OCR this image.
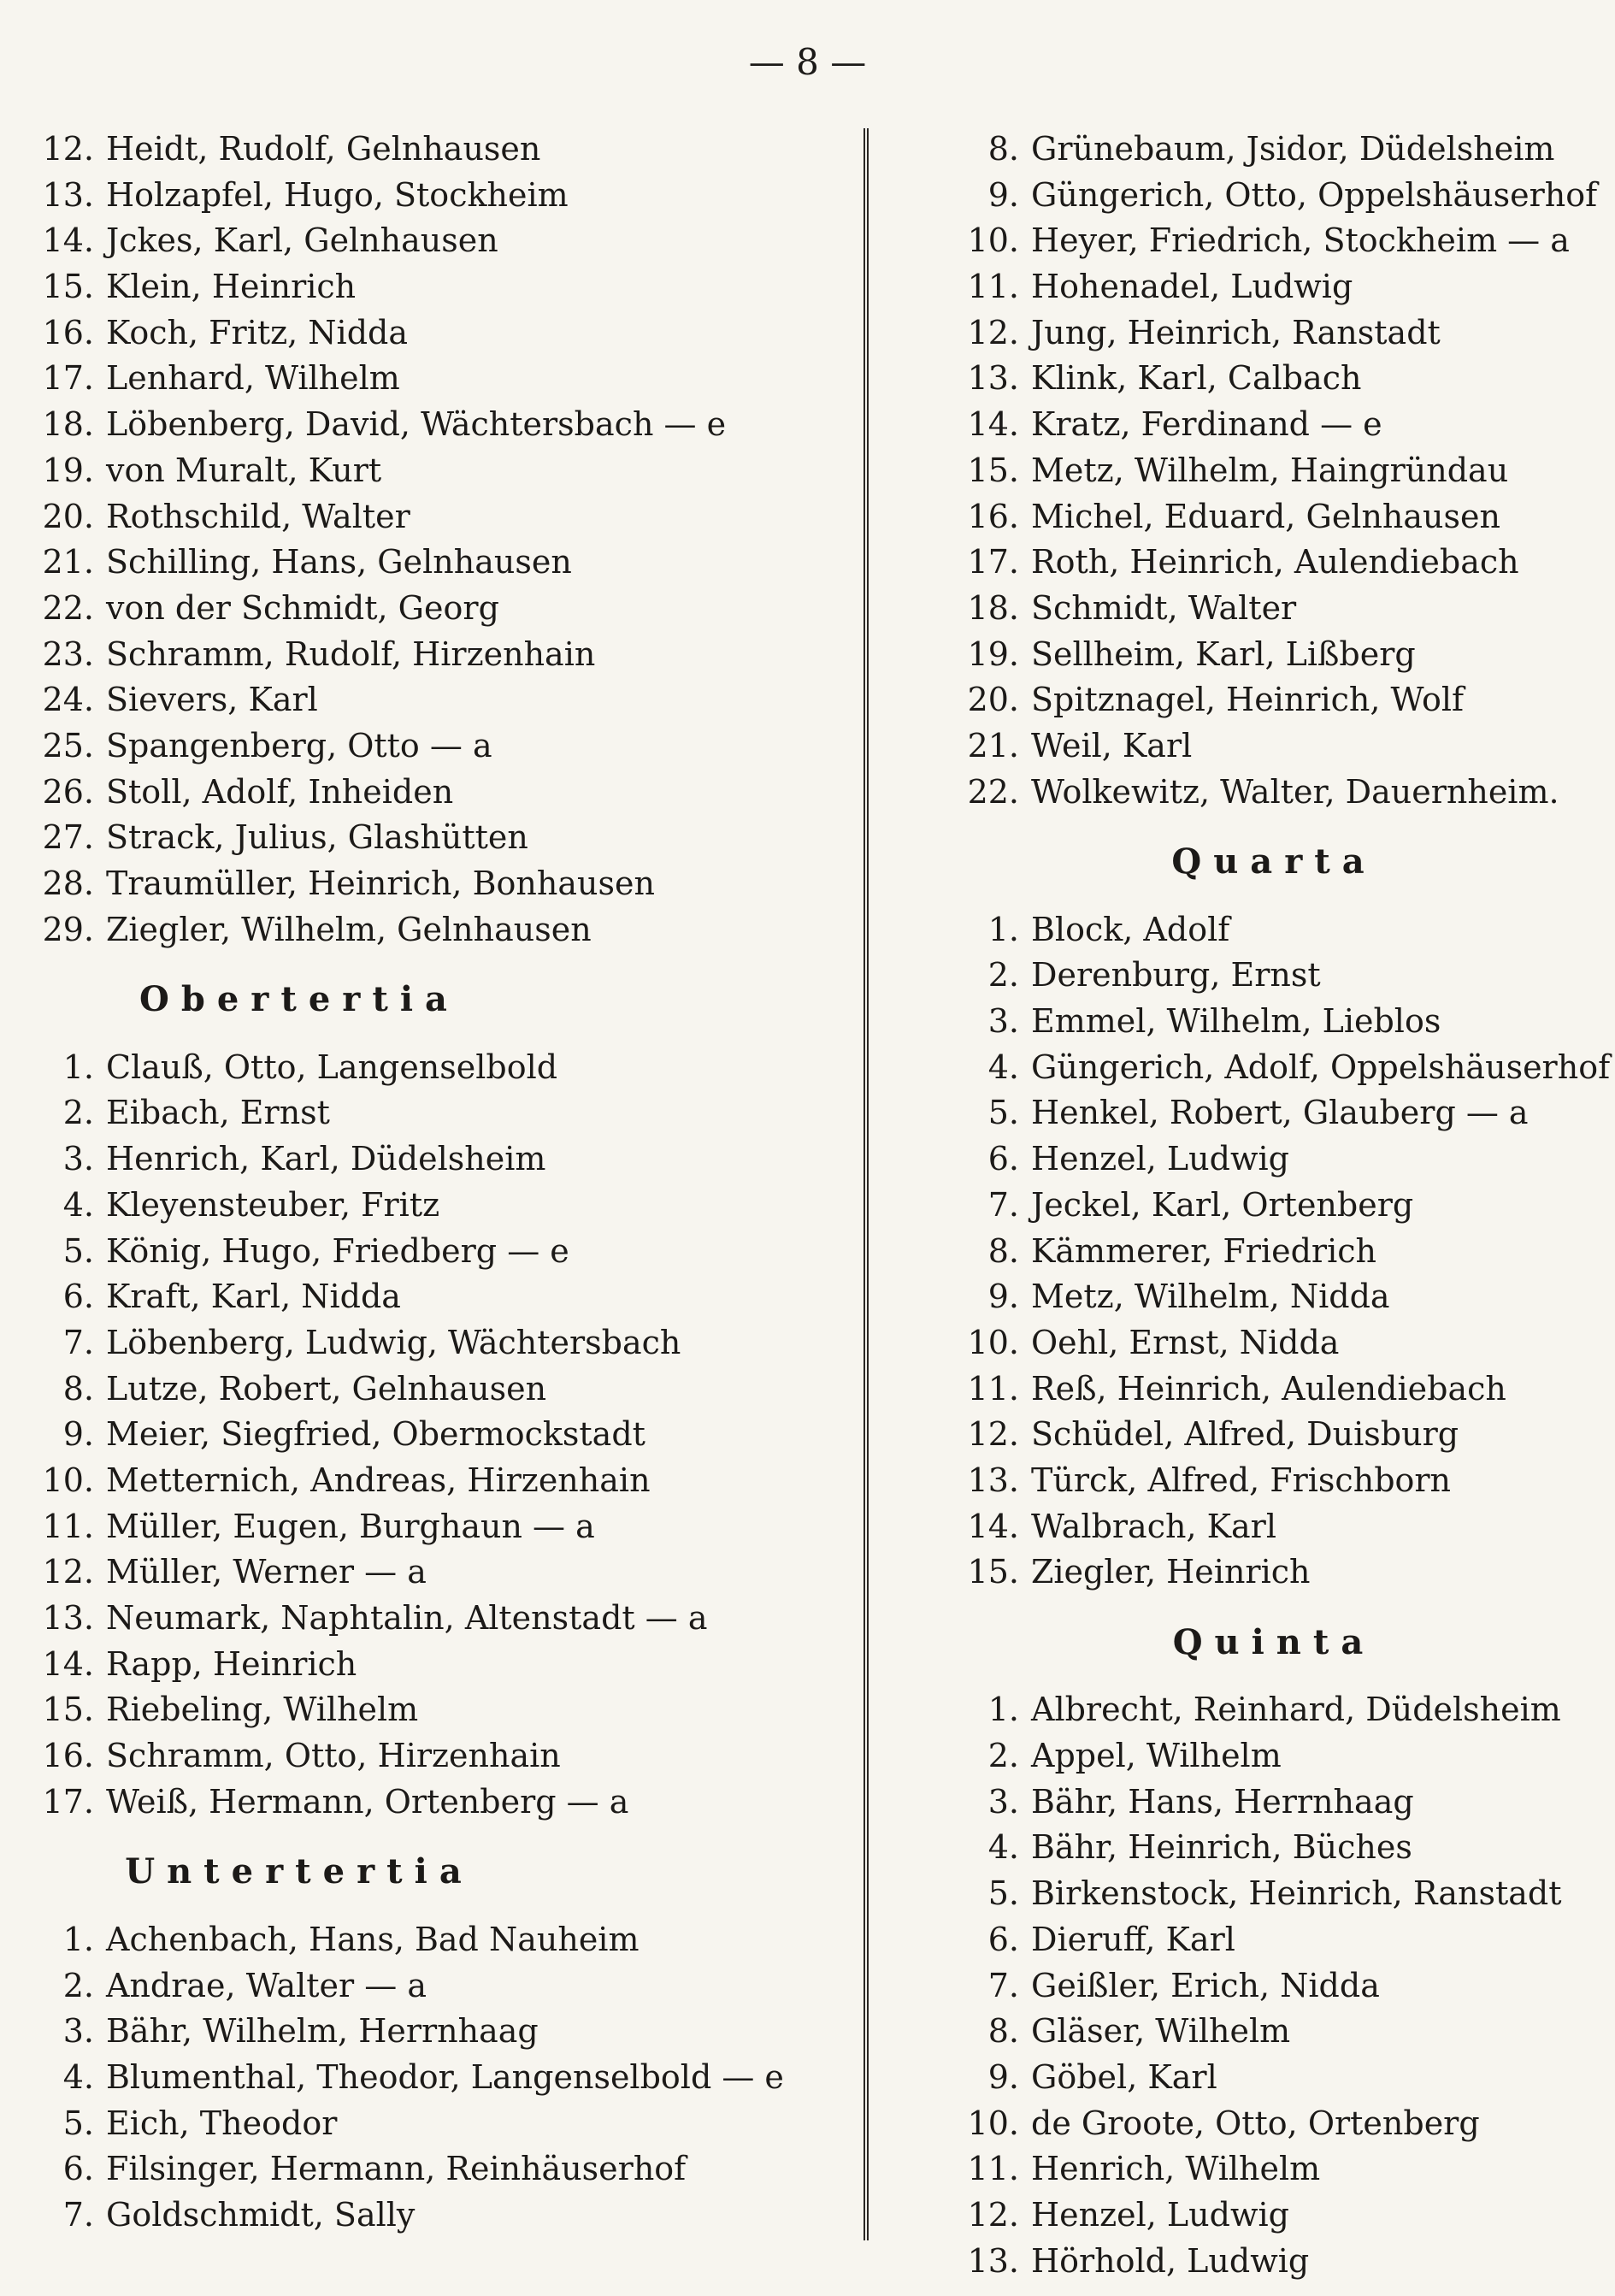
— 8 —
12. Heidt, Rudolf, Gelnhausen
13. Holzapfel, Hugo, Stockheim
14. Jckes, Karl, Gelnhausen
15. Klein, Heinrich
16. Koch, Fritz, Nidda
17. Lenhard, Wilhelm
18. Löbenberg, David, Wächtersbach — e
19. von Muralt, Kurt
20. Rothschild, Walter
21. Schilling, Hans, Gelnhausen
22. von der Schmidt, Georg
23. Schramm, Rudolf, Hirzenhain
24. Sievers, Karl
25. Spangenberg, Otto — a
26. Stoll, Adolf, Inheiden
27. Strack, Julius, Glashütten
28. Traumüller, Heinrich, Bonhausen
29. Ziegler, Wilhelm, Gelnhausen
Obertertia
1. Clauß, Otto, Langenselbold
2. Eibach, Ernst
3. Henrich, Karl, Düdelsheim
4. Kleyensteuber, Fritz
5. König, Hugo, Friedberg — e
6. Kraft, Karl, Nidda
7. Löbenberg, Ludwig, Wächtersbach
8. Lutze, Robert, Gelnhausen
9. Meier, Siegfried, Obermockstadt
10. Metternich, Andreas, Hirzenhain
11. Müller, Eugen, Burghaun — a
12. Müller, Werner — a
13. Neumark, Naphtalin, Altenstadt — a
14. Rapp, Heinrich
15. Riebeling, Wilhelm
16. Schramm, Otto, Hirzenhain
17. Weiß, Hermann, Ortenberg — a
Untertertia
1. Achenbach, Hans, Bad Nauheim
2. Andrae, Walter — a
3. Bähr, Wilhelm, Herrnhaag
4. Blumenthal, Theodor, Langenselbold — e
5. Eich, Theodor
6. Filsinger, Hermann, Reinhäuserhof
7. Goldschmidt, Sally
8. Grünebaum, Jsidor, Düdelsheim
9. Güngerich, Otto, Oppelshäuserhof
10. Heyer, Friedrich, Stockheim — a
11. Hohenadel, Ludwig
12. Jung, Heinrich, Ranstadt
13. Klink, Karl, Calbach
14. Kratz, Ferdinand — e
15. Metz, Wilhelm, Haingründau
16. Michel, Eduard, Gelnhausen
17. Roth, Heinrich, Aulendiebach
18. Schmidt, Walter
19. Sellheim, Karl, Lißberg
20. Spitznagel, Heinrich, Wolf
21. Weil, Karl
22. Wolkewitz, Walter, Dauernheim.
Quarta
1. Block, Adolf
2. Derenburg, Ernst
3. Emmel, Wilhelm, Lieblos
4. Güngerich, Adolf, Oppelshäuserhof
5. Henkel, Robert, Glauberg — a
6. Henzel, Ludwig
7. Jeckel, Karl, Ortenberg
8. Kämmerer, Friedrich
9. Metz, Wilhelm, Nidda
10. Oehl, Ernst, Nidda
11. Reß, Heinrich, Aulendiebach
12. Schüdel, Alfred, Duisburg
13. Türck, Alfred, Frischborn
14. Walbrach, Karl
15. Ziegler, Heinrich
Quinta
1. Albrecht, Reinhard, Düdelsheim
2. Appel, Wilhelm
3. Bähr, Hans, Herrnhaag
4. Bähr, Heinrich, Büches
5. Birkenstock, Heinrich, Ranstadt
6. Dieruff, Karl
7. Geißler, Erich, Nidda
8. Gläser, Wilhelm
9. Göbel, Karl
10. de Groote, Otto, Ortenberg
11. Henrich, Wilhelm
12. Henzel, Ludwig
13. Hörhold, Ludwig
